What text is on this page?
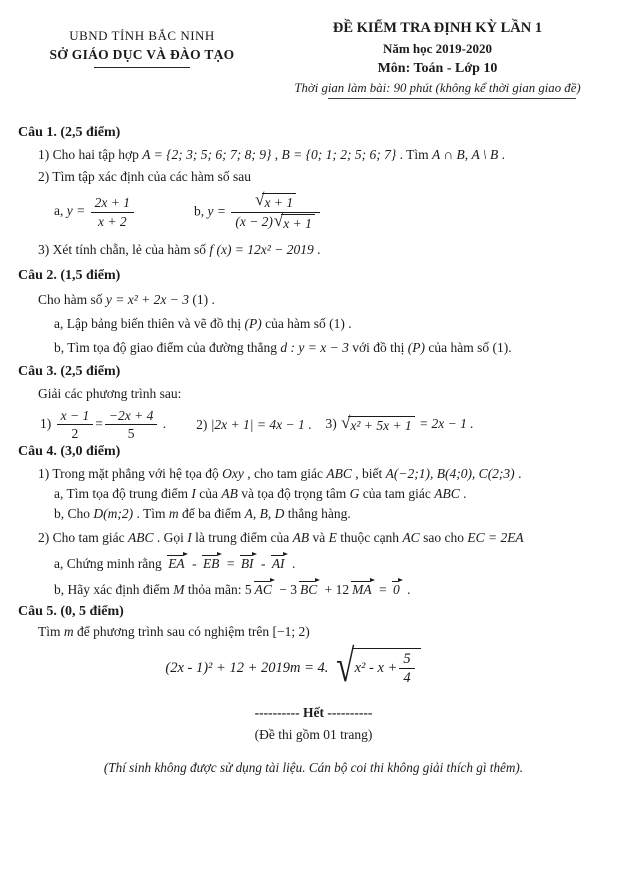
UBND TỈNH BẮC NINH
SỞ GIÁO DỤC VÀ ĐÀO TẠO
ĐỀ KIỂM TRA ĐỊNH KỲ LẦN 1
Năm học 2019-2020
Môn: Toán - Lớp 10
Thời gian làm bài: 90 phút (không kể thời gian giao đề)

Câu 1. (2,5 điểm)

1) Cho hai tập hợp A = {2; 3; 5; 6; 7; 8; 9} , B = {0; 1; 2; 5; 6; 7} . Tìm A ∩ B, A \ B .

2) Tìm tập xác định của các hàm số sau

a, $y = \frac{2x + 1}{x + 2}$	b, $y = \frac{√ x + 1}{(x - 2) √ x + 1}$

3) Xét tính chẵn, lẻ của hàm số f (x) = 12x² − 2019 .

Câu 2. (1,5 điểm)

Cho hàm số y = x² + 2x − 3 (1) .

a, Lập bảng biến thiên và vẽ đồ thị (P) của hàm số (1) .

b, Tìm tọa độ giao điểm của đường thẳng d : y = x − 3 với đồ thị (P) của hàm số (1).

Câu 3. (2,5 điểm)

Giải các phương trình sau:

$1) \frac{x - 1}{2} = \frac{-2x + 4}{5}$ . 2) |2x + 1| = 4x − 1 . 3) √ x² + 5x + 1 = 2x − 1 .

Câu 4. (3,0 điểm)

1) Trong mặt phẳng với hệ tọa độ Oxy , cho tam giác ABC , biết A(−2;1), B(4;0), C(2;3) .

a, Tìm tọa độ trung điểm I của AB và tọa độ trọng tâm G của tam giác ABC .

b, Cho D(m;2) . Tìm m để ba điểm A, B, D thẳng hàng.

2) Cho tam giác ABC . Gọi I là trung điểm của AB và E thuộc cạnh AC sao cho EC = 2EA

a, Chứng minh rằng EA - EB = BI - AI .

b, Hãy xác định điểm M thỏa mãn: 5 AC − 3 BC + 12 MA = 0 .

Câu 5. (0, 5 điểm)

Tìm m để phương trình sau có nghiệm trên [−1; 2)

(2x - 1)² + 12 + 2019m = 4. √ $x^2 - x + \frac{5}{4}$

---------- Hết ----------

(Đề thi gồm 01 trang)

(Thí sinh không được sử dụng tài liệu. Cán bộ coi thi không giải thích gì thêm).
